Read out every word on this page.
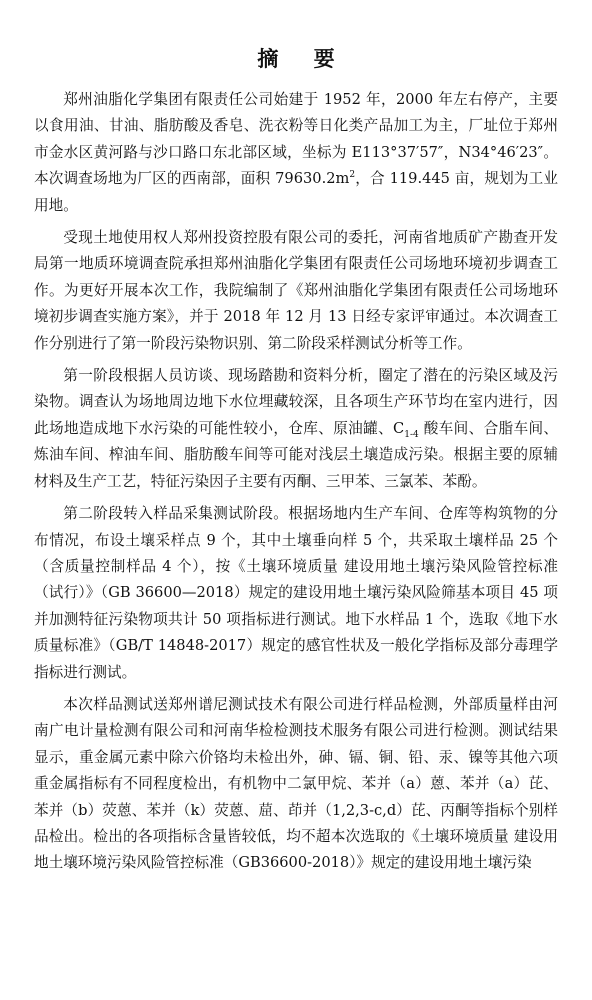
摘 要

郑州油脂化学集团有限责任公司始建于 1952 年，2000 年左右停产，主要以食用油、甘油、脂肪酸及香皂、洗衣粉等日化类产品加工为主，厂址位于郑州市金水区黄河路与沙口路口东北部区域，坐标为 E113°37′57″，N34°46′23″。本次调查场地为厂区的西南部，面积 $79630.2m^2$，合 119.445 亩，规划为工业用地。

受现土地使用权人郑州投资控股有限公司的委托，河南省地质矿产勘查开发局第一地质环境调查院承担郑州油脂化学集团有限责任公司场地环境初步调查工作。为更好开展本次工作，我院编制了《郑州油脂化学集团有限责任公司场地环境初步调查实施方案》，并于 2018 年 12 月 13 日经专家评审通过。本次调查工作分别进行了第一阶段污染物识别、第二阶段采样测试分析等工作。

第一阶段根据人员访谈、现场踏勘和资料分析，圈定了潜在的污染区域及污染物。调查认为场地周边地下水位埋藏较深，且各项生产环节均在室内进行，因此场地造成地下水污染的可能性较小，仓库、原油罐、$C_{1-4}$ 酸车间、合脂车间、炼油车间、榨油车间、脂肪酸车间等可能对浅层土壤造成污染。根据主要的原辅材料及生产工艺，特征污染因子主要有丙酮、三甲苯、三氯苯、苯酚。

第二阶段转入样品采集测试阶段。根据场地内生产车间、仓库等构筑物的分布情况，布设土壤采样点 9 个，其中土壤垂向样 5 个，共采取土壤样品 25 个（含质量控制样品 4 个），按《土壤环境质量 建设用地土壤污染风险管控标准（试行）》（GB 36600—2018）规定的建设用地土壤污染风险筛基本项目 45 项并加测特征污染物项共计 50 项指标进行测试。地下水样品 1 个，选取《地下水质量标准》（GB/T 14848-2017）规定的感官性状及一般化学指标及部分毒理学指标进行测试。

本次样品测试送郑州谱尼测试技术有限公司进行样品检测，外部质量样由河南广电计量检测有限公司和河南华检检测技术服务有限公司进行检测。测试结果显示，重金属元素中除六价铬均未检出外，砷、镉、铜、铅、汞、镍等其他六项重金属指标有不同程度检出，有机物中二氯甲烷、苯并（a）蒽、苯并（a）芘、苯并（b）荧蒽、苯并（k）荧蒽、䓛、茚并（1,2,3-c,d）芘、丙酮等指标个别样品检出。检出的各项指标含量皆较低，均不超本次选取的《土壤环境质量 建设用地土壤环境污染风险管控标准（GB36600-2018）》规定的建设用地土壤污染
